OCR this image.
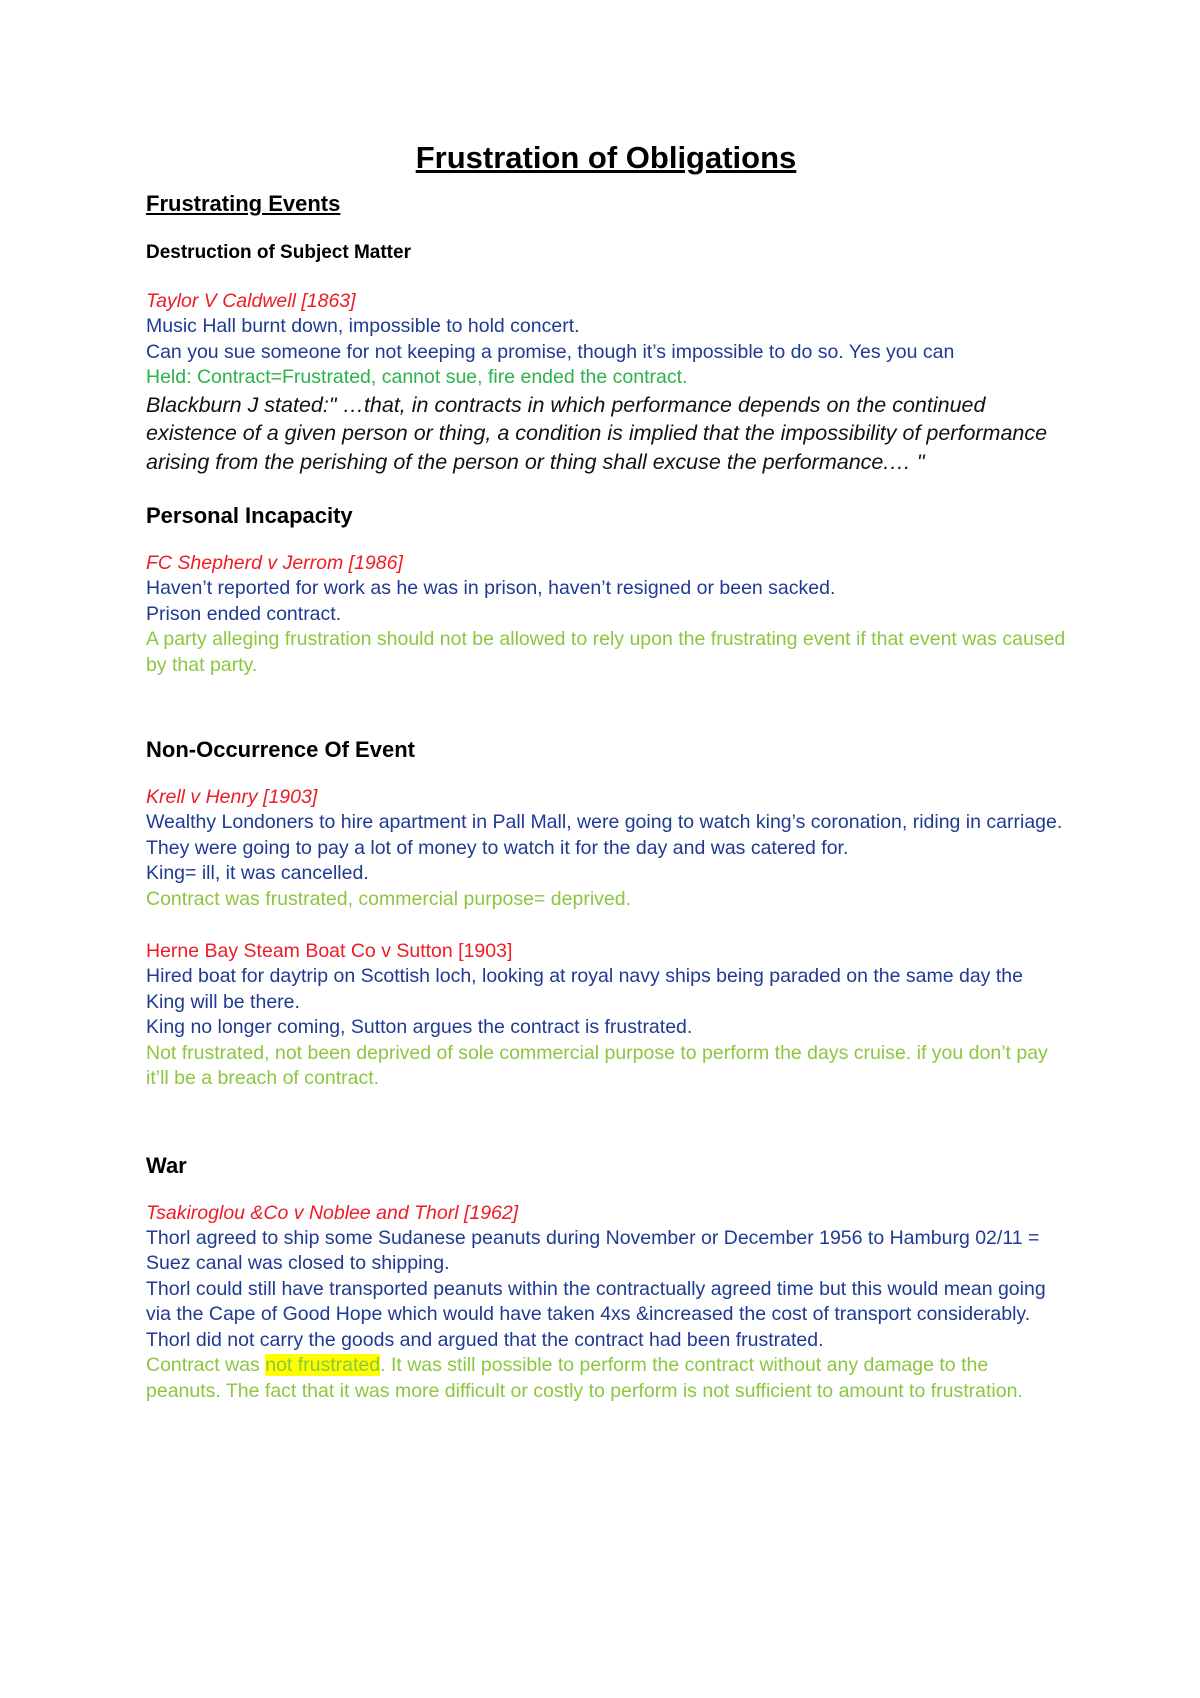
Frustration of Obligations
Frustrating Events
Destruction of Subject Matter
Taylor V Caldwell [1863]
Music Hall burnt down, impossible to hold concert.
Can you sue someone for not keeping a promise, though it’s impossible to do so. Yes you can
Held: Contract=Frustrated, cannot sue, fire ended the contract.
Blackburn J stated:" …that, in contracts in which performance depends on the continued existence of a given person or thing, a condition is implied that the impossibility of performance arising from the perishing of the person or thing shall excuse the performance.… "
Personal Incapacity
FC Shepherd v Jerrom [1986]
Haven’t reported for work as he was in prison, haven’t resigned or been sacked.
Prison ended contract.
A party alleging frustration should not be allowed to rely upon the frustrating event if that event was caused by that party.
Non-Occurrence Of Event
Krell v Henry [1903]
Wealthy Londoners to hire apartment in Pall Mall, were going to watch king’s coronation, riding in carriage.
They were going to pay a lot of money to watch it for the day and was catered for.
King= ill, it was cancelled.
Contract was frustrated, commercial purpose= deprived.
Herne Bay Steam Boat Co v Sutton [1903]
Hired boat for daytrip on Scottish loch, looking at royal navy ships being paraded on the same day the King will be there.
King no longer coming, Sutton argues the contract is frustrated.
Not frustrated, not been deprived of sole commercial purpose to perform the days cruise. if you don’t pay it’ll be a breach of contract.
War
Tsakiroglou &Co v Noblee and Thorl [1962]
Thorl agreed to ship some Sudanese peanuts during November or December 1956 to Hamburg 02/11 = Suez canal was closed to shipping.
Thorl could still have transported peanuts within the contractually agreed time but this would mean going via the Cape of Good Hope which would have taken 4xs &increased the cost of transport considerably.
Thorl did not carry the goods and argued that the contract had been frustrated.
Contract was not frustrated. It was still possible to perform the contract without any damage to the peanuts. The fact that it was more difficult or costly to perform is not sufficient to amount to frustration.
